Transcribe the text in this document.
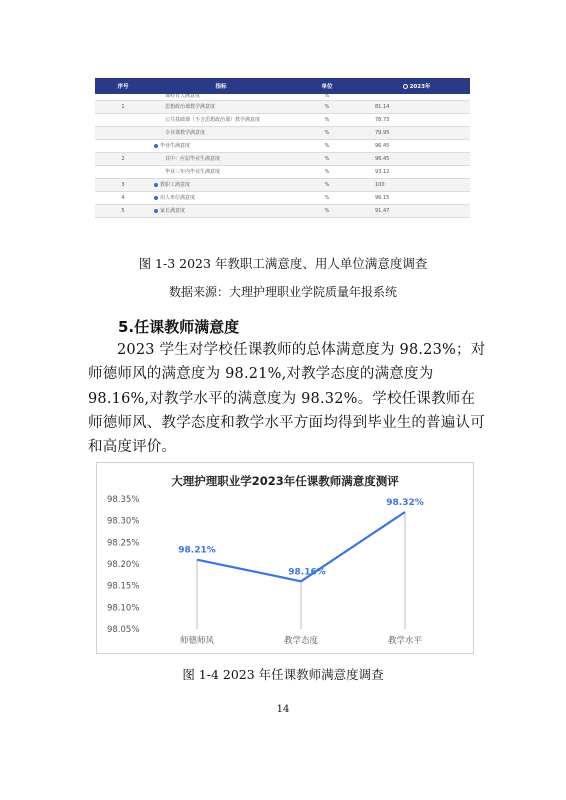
序号	指标	单位	2023年
	课程育人满意度	%	
1	思想政治课教学满意度	%	81.14
	公共基础课（不含思想政治课）教学满意度	%	78.73
	专业课教学满意度	%	79.95
	毕业生满意度	%	96.45
2	其中：应届毕业生满意度	%	96.45
	毕业三年内毕业生满意度	%	93.12
3	教职工满意度	%	100
4	用人单位满意度	%	96.15
5	家长满意度	%	91.47
图 1-3 2023 年教职工满意度、用人单位满意度调查
数据来源：大理护理职业学院质量年报系统
5.任课教师满意度
2023 学生对学校任课教师的总体满意度为 98.23%；对师德师风的满意度为 98.21%,对教学态度的满意度为 98.16%,对教学水平的满意度为 98.32%。学校任课教师在师德师风、教学态度和教学水平方面均得到毕业生的普遍认可和高度评价。
大理护理职业学2023年任课教师满意度测评
98.35%
98.30%
98.25%
98.20%
98.15%
98.10%
98.05%
98.21%
98.16%
98.32%
师德师风	教学态度	教学水平
图 1-4 2023 年任课教师满意度调查
14
